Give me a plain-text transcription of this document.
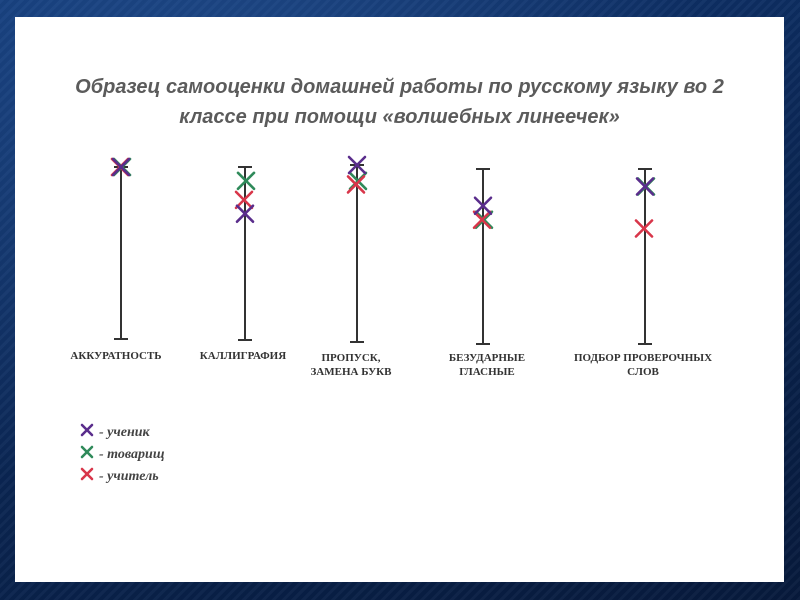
Образец самооценки домашней работы по русскому языку во 2
классе при помощи «волшебных линеечек»
АККУРАТНОСТЬ	КАЛЛИГРАФИЯ	ПРОПУСК,
ЗАМЕНА БУКВ
БЕЗУДАРНЫЕ
ГЛАСНЫЕ
ПОДБОР ПРОВЕРОЧНЫХ
СЛОВ
- ученик
- товарищ
- учитель
